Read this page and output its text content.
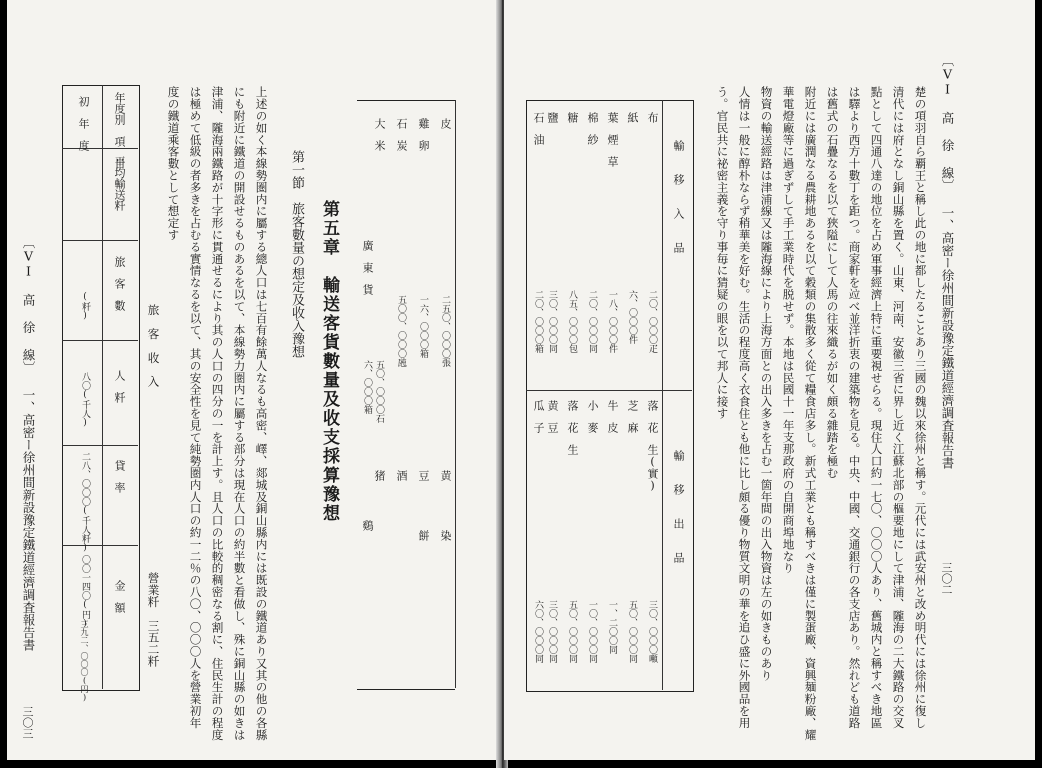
〔VI 高 徐 線〕 一、高密ー徐州間新設豫定鐵道經濟調査報告書
三〇三
年度別　項　目
平均輸送粁
旅　客　數
人　粁
貸　率
金　額
初　年　度
(粁)
八〇(千人)
二八、〇〇〇(千人粁)
〇〇一四〇(円)
三九二、〇〇〇(円)
旅　客　收　入
營業粁　三五二粁
度の鐵道乘客數として想定す は極めて低級の者多きを占むる實情なるを以て、其の安全性を見て純勢圏内人口の約一二％の八〇、〇〇〇人を營業初年 津浦、隴海兩鐵路が十字形に貫通せるにより其の人口の四分の一を計上す。且人口の比較的稠密なる割に、住民生計の程度 にも附近に鐵道の開設せるものあるを以て、本線勢力圏内に屬する部分は現在人口の約半數と看做し、殊に銅山縣の如きは 上述の如く本線勢圏内に屬する總人口は七百有餘萬人なるも高密、嶧、郯城及銅山縣内には既設の鐵道あり又其の他の各縣 第一節　旅客數量の想定及收入豫想 第五章　輸送客貨數量及收支採算豫想
皮
雞　卵
石　炭
大　米
廣　東　貨
二五〇、〇〇〇張
一六、〇〇〇箱
五〇〇、〇〇〇瓲
五〇、〇〇〇石
六、〇〇〇箱
黄
豆
酒
猪
鷄
餅 染
輸　移　入　品
輸　移　出　品
布
紙
葉　煙　草
棉　紗
糖
鹽
石　油
二〇、〇〇〇疋
六、〇〇〇件
一八、〇〇〇件
二〇、〇〇〇同
八五、〇〇〇包
三〇、〇〇〇同
二〇、〇〇〇箱
落　花　生(實)
芝　麻
牛　皮
小　麥
落　花　生
黄　豆
瓜　子
三〇、〇〇〇噸
五〇、〇〇〇同
一、二〇〇同
一〇、〇〇〇同
五〇、〇〇〇同
三〇、〇〇〇同
六〇、〇〇〇同
う。官民共に祕密主義を守り事毎に猜疑の眼を以て邦人に接す 人情は一般に醇朴ならず稍華美を好む。生活の程度高く衣食住とも他に比し頗る優り物質文明の華を追ひ盛に外國品を用 物資の輸送經路は津浦線又は隴海線により上海方面との出入多きを占む一箇年間の出入物資は左の如きものあり 華電燈廠等に過ぎずして手工業時代を脱せず。本地は民國十一年支那政府の自開商埠地なり 附近には廣潤なる農耕地あるを以て穀類の集散多く從て糧食店多し。新式工業とも稱すべきは僅に製蛋廠、資興麺粉廠、耀 は舊式の石疊なるを以て狹隘にして人馬の往來織るが如く頗る雜踏を極む は驛より西方十數丁を距つ。商家軒を竝べ並洋折衷の建築物を見る。中央、中國、交通銀行の各支店あり。然れども道路 點として四通八達の地位を占め軍事經濟上特に重要視せらる。現住人口約一七〇、〇〇〇人あり、舊城内と稱すべき地區 清代には府となし銅山縣を置く。山東、河南、安徽三省に界し近く江蘇北部の樞要地にして津浦、隴海の二大鐵路の交叉 楚の項羽自ら覇王と稱し此の地に都したることあり三國の魏以來徐州と稱す。元代には武安州と改め明代には徐州に復し 〔VI 高 徐 線〕 一、高密ー徐州間新設豫定鐵道經濟調査報告書
三〇二
